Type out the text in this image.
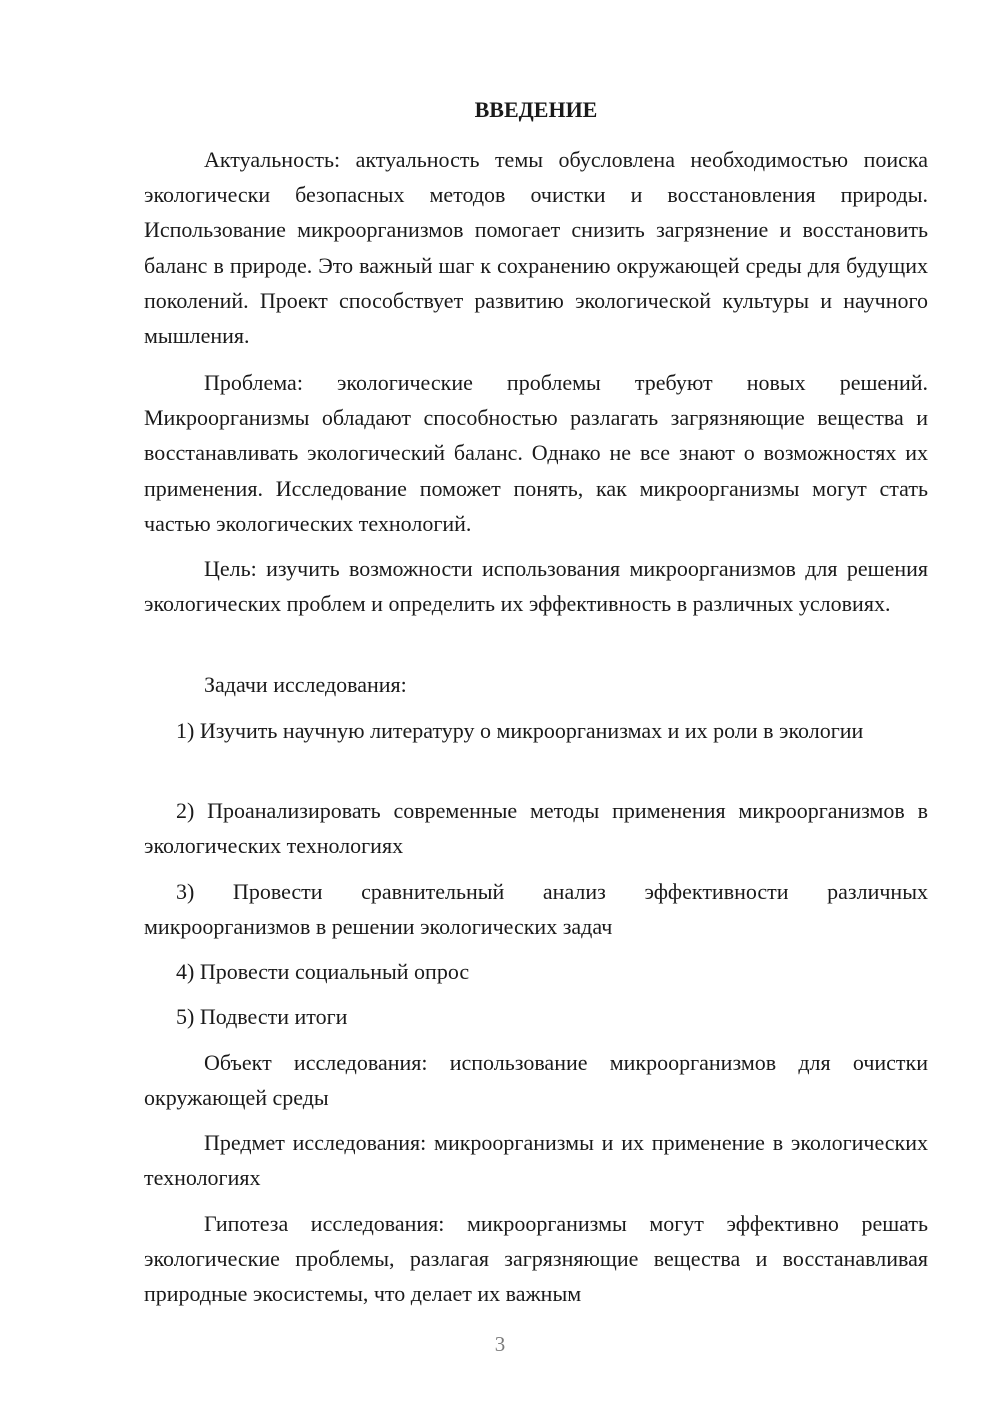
ВВЕДЕНИЕ

Актуальность: актуальность темы обусловлена необходимостью поиска экологически безопасных методов очистки и восстановления природы. Использование микроорганизмов помогает снизить загрязнение и восстановить баланс в природе. Это важный шаг к сохранению окружающей среды для будущих поколений. Проект способствует развитию экологической культуры и научного мышления.

Проблема: экологические проблемы требуют новых решений. Микроорганизмы обладают способностью разлагать загрязняющие вещества и восстанавливать экологический баланс. Однако не все знают о возможностях их применения. Исследование поможет понять, как микроорганизмы могут стать частью экологических технологий.

Цель: изучить возможности использования микроорганизмов для решения экологических проблем и определить их эффективность в различных условиях.

Задачи исследования:

1) Изучить научную литературу о микроорганизмах и их роли в экологии

2) Проанализировать современные методы применения микроорганизмов в экологических технологиях

3) Провести сравнительный анализ эффективности различных микроорганизмов в решении экологических задач

4) Провести социальный опрос

5) Подвести итоги

Объект исследования: использование микроорганизмов для очистки окружающей среды

Предмет исследования: микроорганизмы и их применение в экологических технологиях

Гипотеза исследования: микроорганизмы могут эффективно решать экологические проблемы, разлагая загрязняющие вещества и восстанавливая природные экосистемы, что делает их важным

3
